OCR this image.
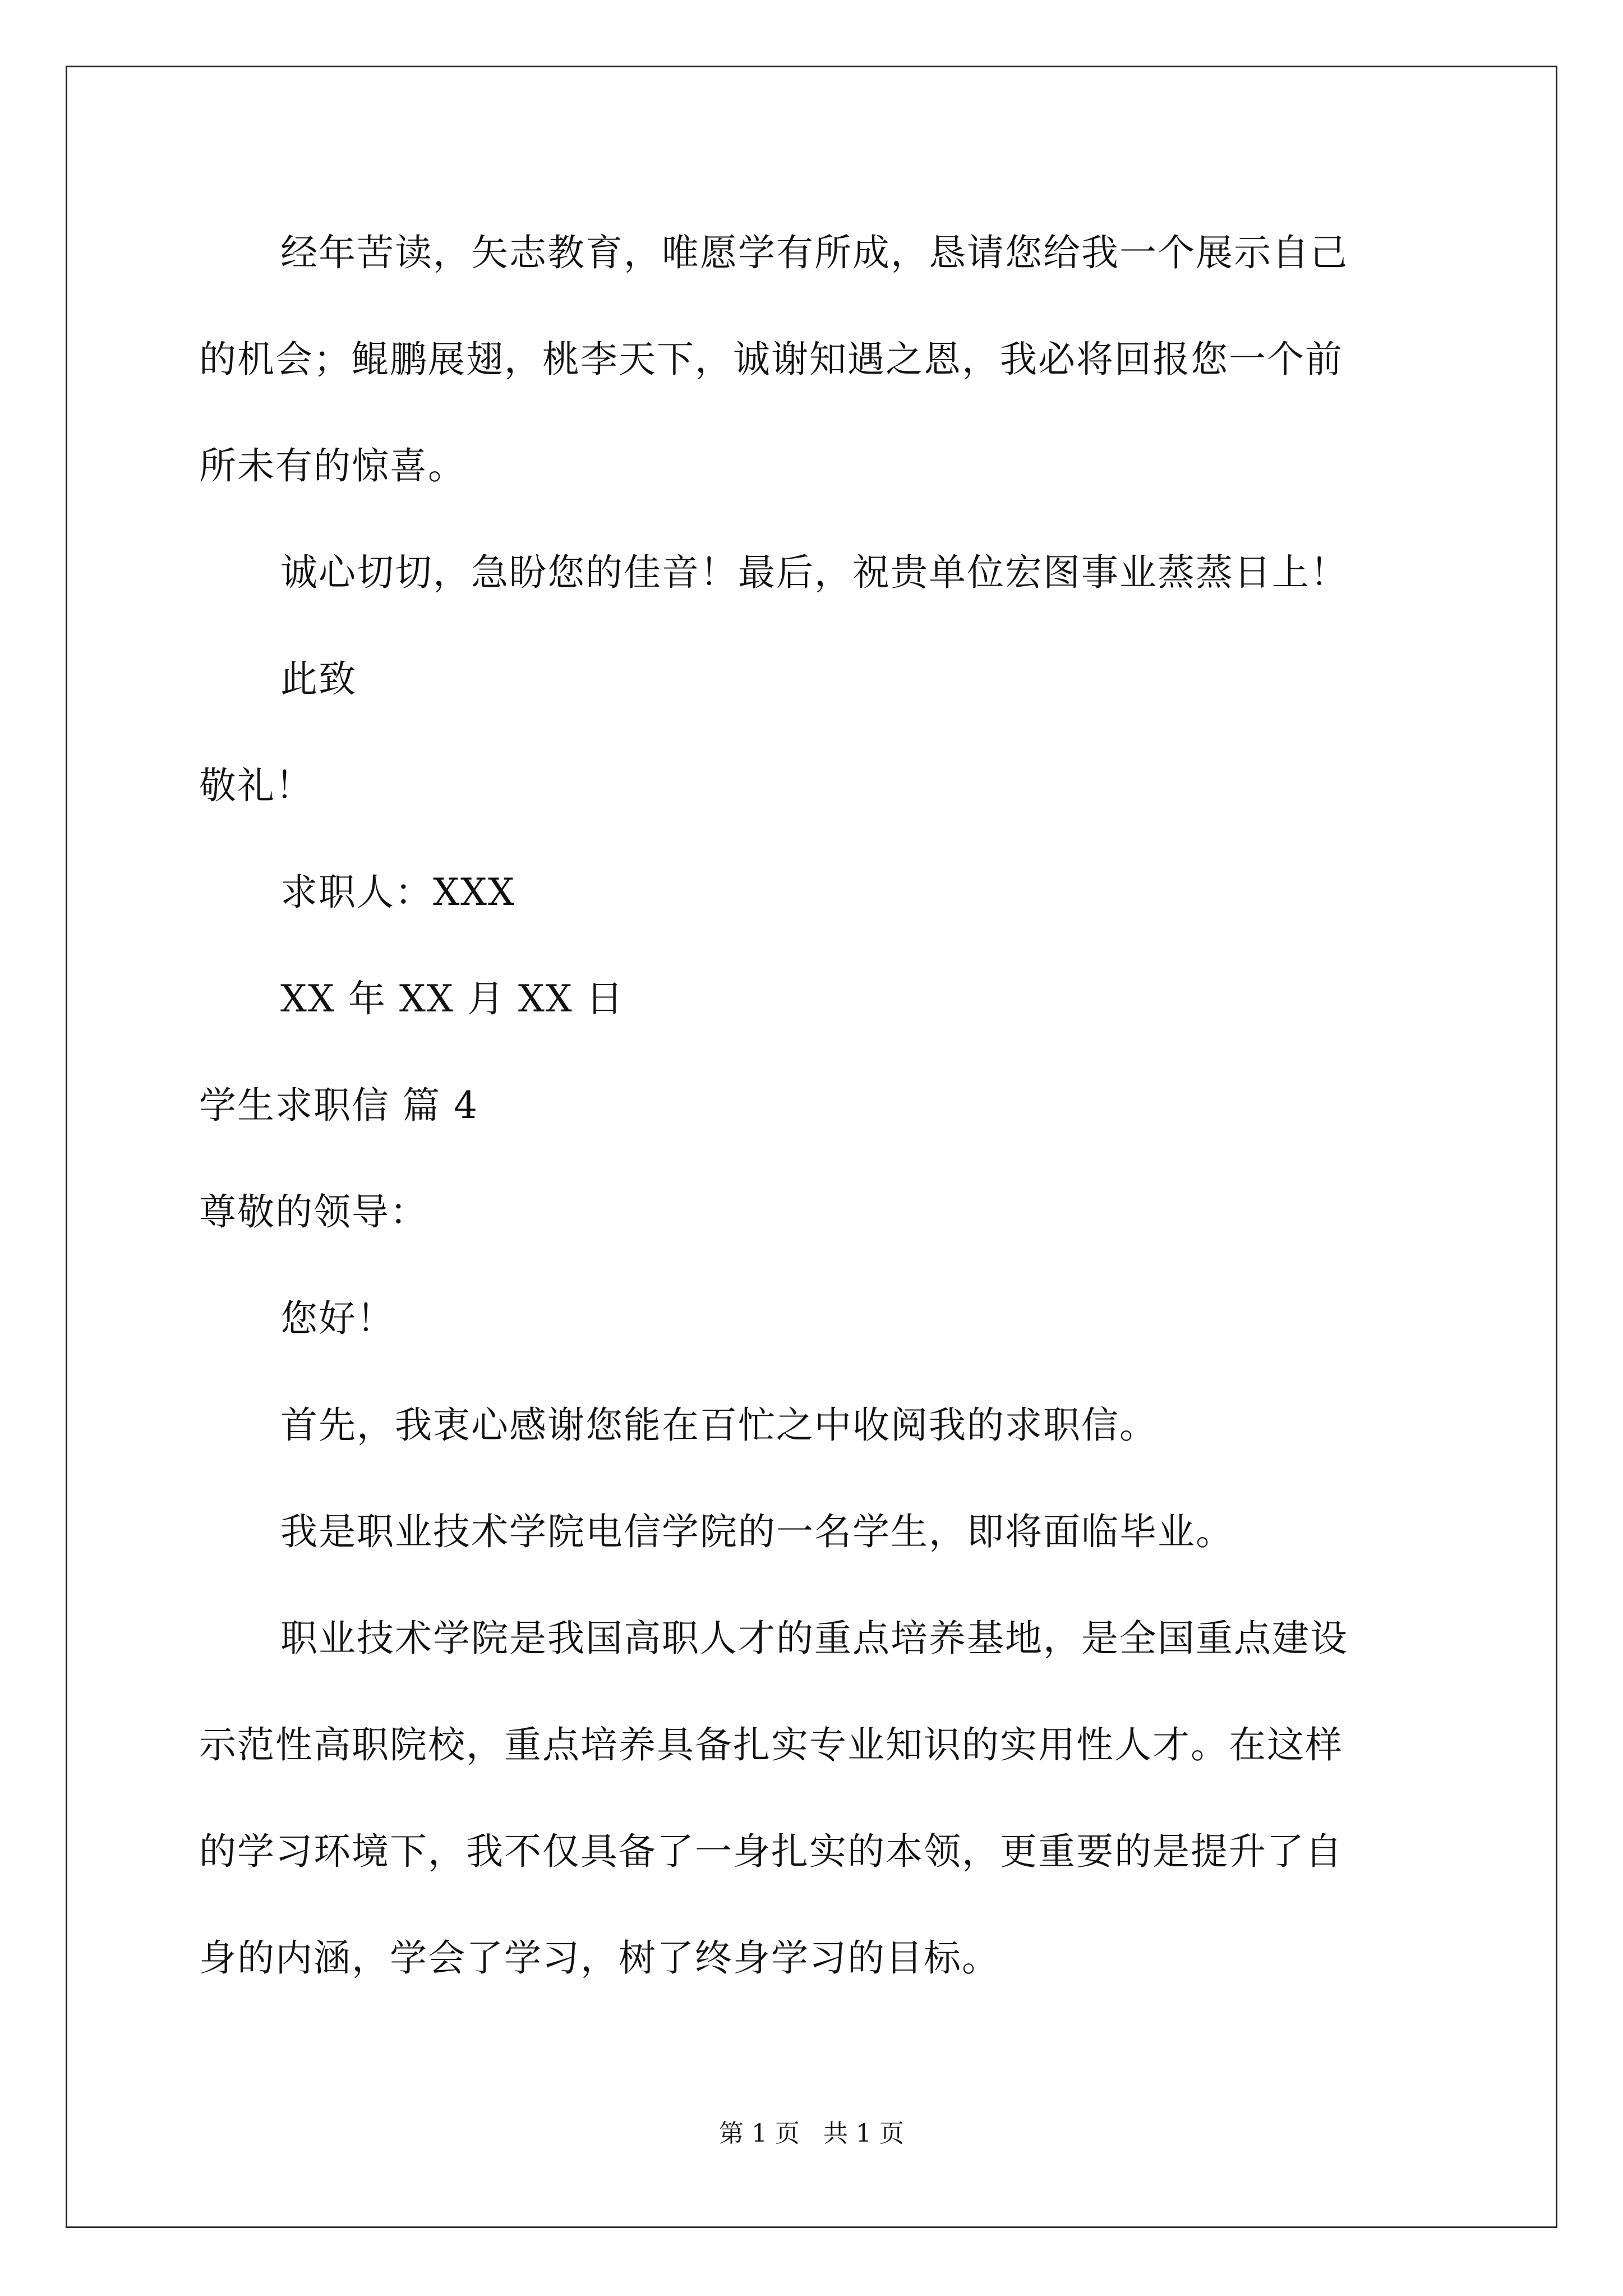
经年苦读，矢志教育，唯愿学有所成，恳请您给我一个展示自己
的机会；鲲鹏展翅，桃李天下，诚谢知遇之恩，我必将回报您一个前
所未有的惊喜。
诚心切切，急盼您的佳音！最后，祝贵单位宏图事业蒸蒸日上！
此致
敬礼！
求职人：XXX
XX 年 XX 月 XX 日
学生求职信 篇 4
尊敬的领导：
您好！
首先，我衷心感谢您能在百忙之中收阅我的求职信。
我是职业技术学院电信学院的一名学生，即将面临毕业。
职业技术学院是我国高职人才的重点培养基地，是全国重点建设
示范性高职院校，重点培养具备扎实专业知识的实用性人才。在这样
的学习环境下，我不仅具备了一身扎实的本领，更重要的是提升了自
身的内涵，学会了学习，树了终身学习的目标。
第 1 页   共 1 页
